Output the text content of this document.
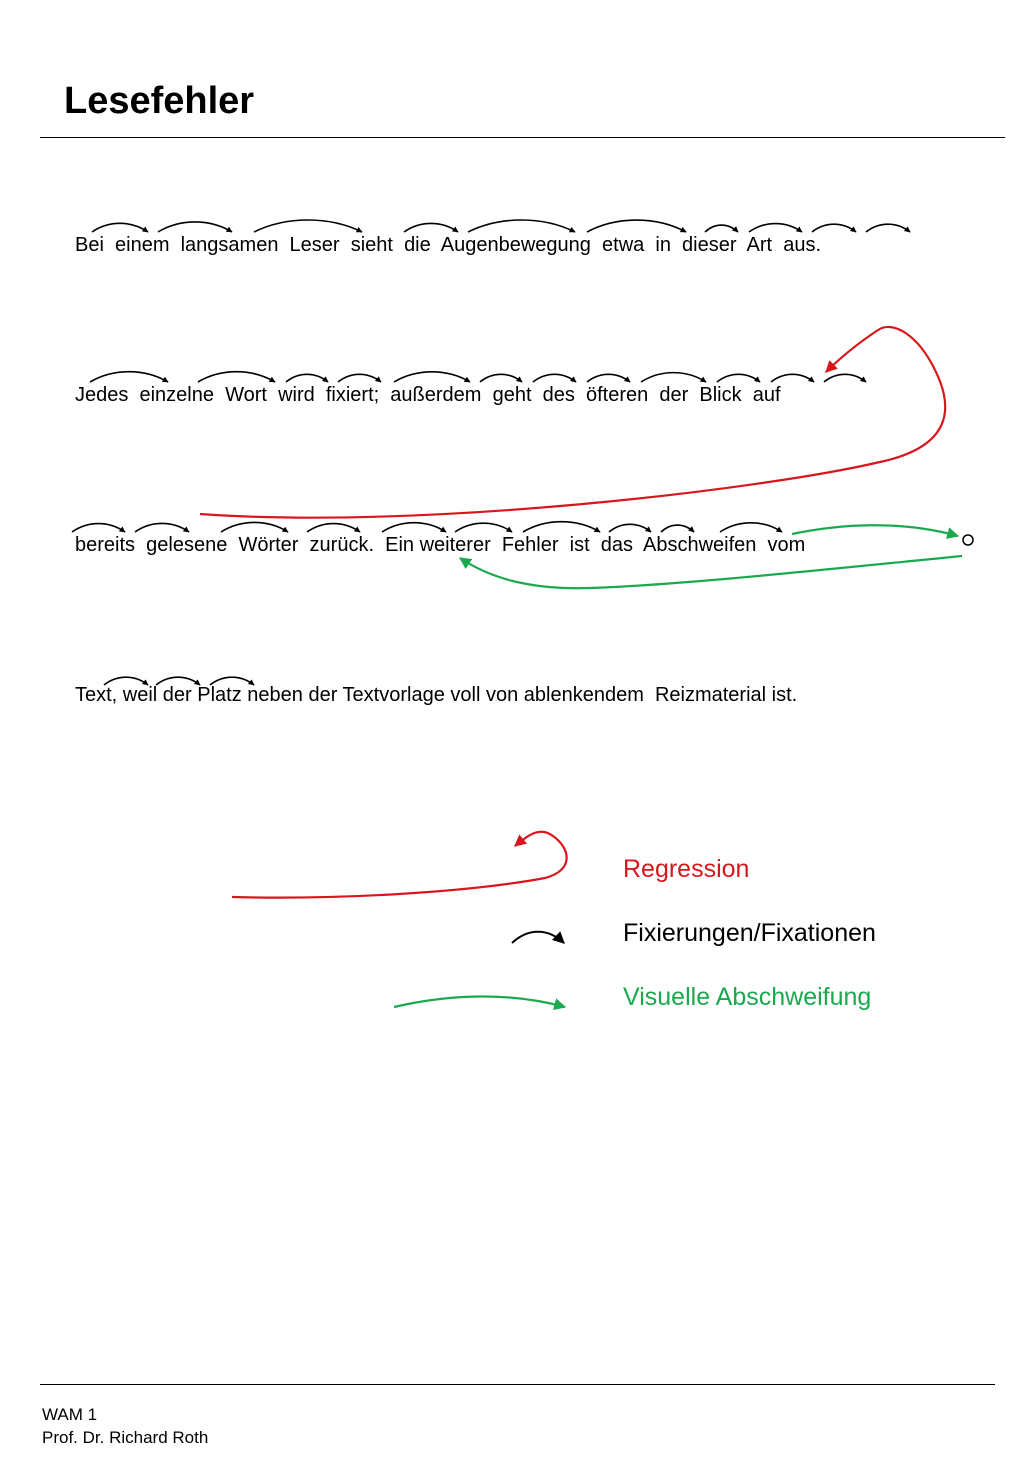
Lesefehler
Bei  einem  langsamen  Leser  sieht  die  Augenbewegung  etwa  in  dieser  Art  aus.
Jedes  einzelne  Wort  wird  fixiert;  außerdem  geht  des  öfteren  der  Blick  auf
bereits  gelesene  Wörter  zurück.  Ein weiterer  Fehler  ist  das  Abschweifen  vom
Text, weil der Platz neben der Textvorlage voll von ablenkendem  Reizmaterial ist.
Regression
Fixierungen/Fixationen
Visuelle Abschweifung
WAM 1
Prof. Dr. Richard Roth
